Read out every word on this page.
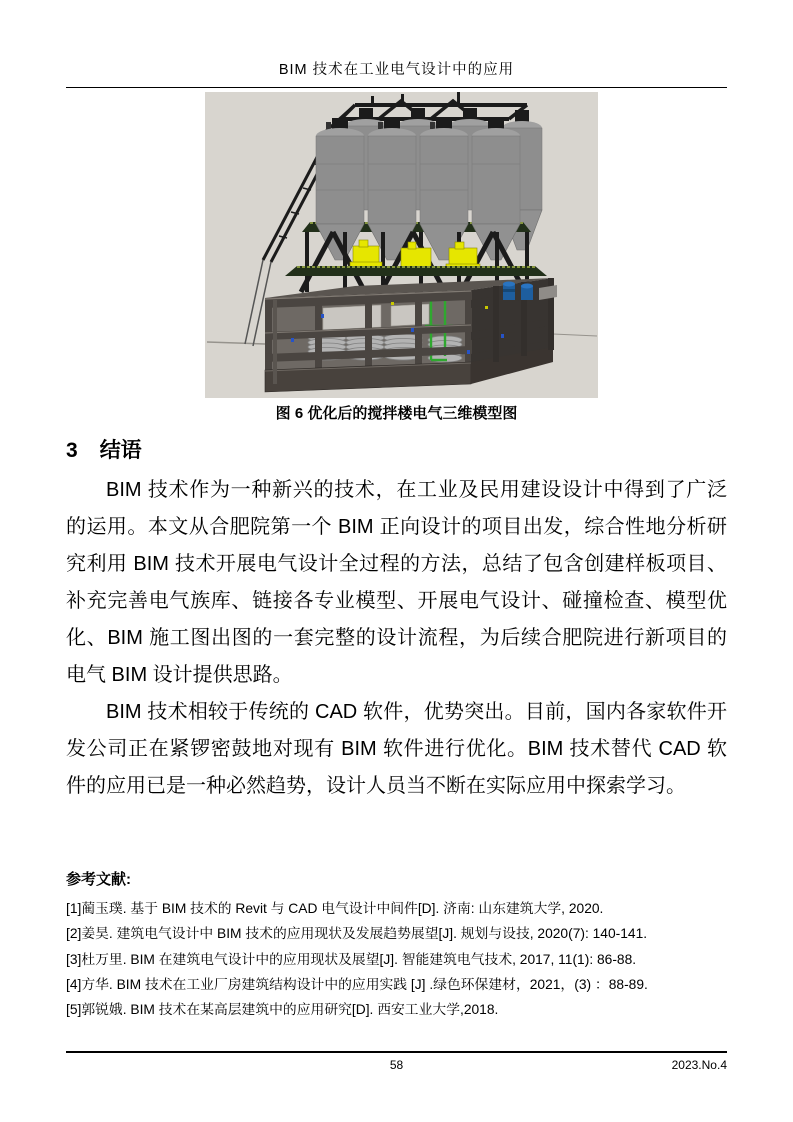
BIM 技术在工业电气设计中的应用
图 6 优化后的搅拌楼电气三维模型图
3 结语

BIM 技术作为一种新兴的技术，在工业及民用建设设计中得到了广泛的运用。本文从合肥院第一个 BIM 正向设计的项目出发，综合性地分析研究利用 BIM 技术开展电气设计全过程的方法，总结了包含创建样板项目、补充完善电气族库、链接各专业模型、开展电气设计、碰撞检查、模型优化、BIM 施工图出图的一套完整的设计流程，为后续合肥院进行新项目的电气 BIM 设计提供思路。

BIM 技术相较于传统的 CAD 软件，优势突出。目前，国内各家软件开发公司正在紧锣密鼓地对现有 BIM 软件进行优化。BIM 技术替代 CAD 软件的应用已是一种必然趋势，设计人员当不断在实际应用中探索学习。

参考文献:
[1]蔺玉璞. 基于 BIM 技术的 Revit 与 CAD 电气设计中间件[D]. 济南: 山东建筑大学, 2020.
[2]姜昊. 建筑电气设计中 BIM 技术的应用现状及发展趋势展望[J]. 规划与设技, 2020(7): 140-141.
[3]杜万里. BIM 在建筑电气设计中的应用现状及展望[J]. 智能建筑电气技术, 2017, 11(1): 86-88.
[4]方华. BIM 技术在工业厂房建筑结构设计中的应用实践 [J] .绿色环保建材，2021，(3) ：88-89.
[5]郭锐娥. BIM 技术在某高层建筑中的应用研究[D]. 西安工业大学,2018.
58	2023.No.4
